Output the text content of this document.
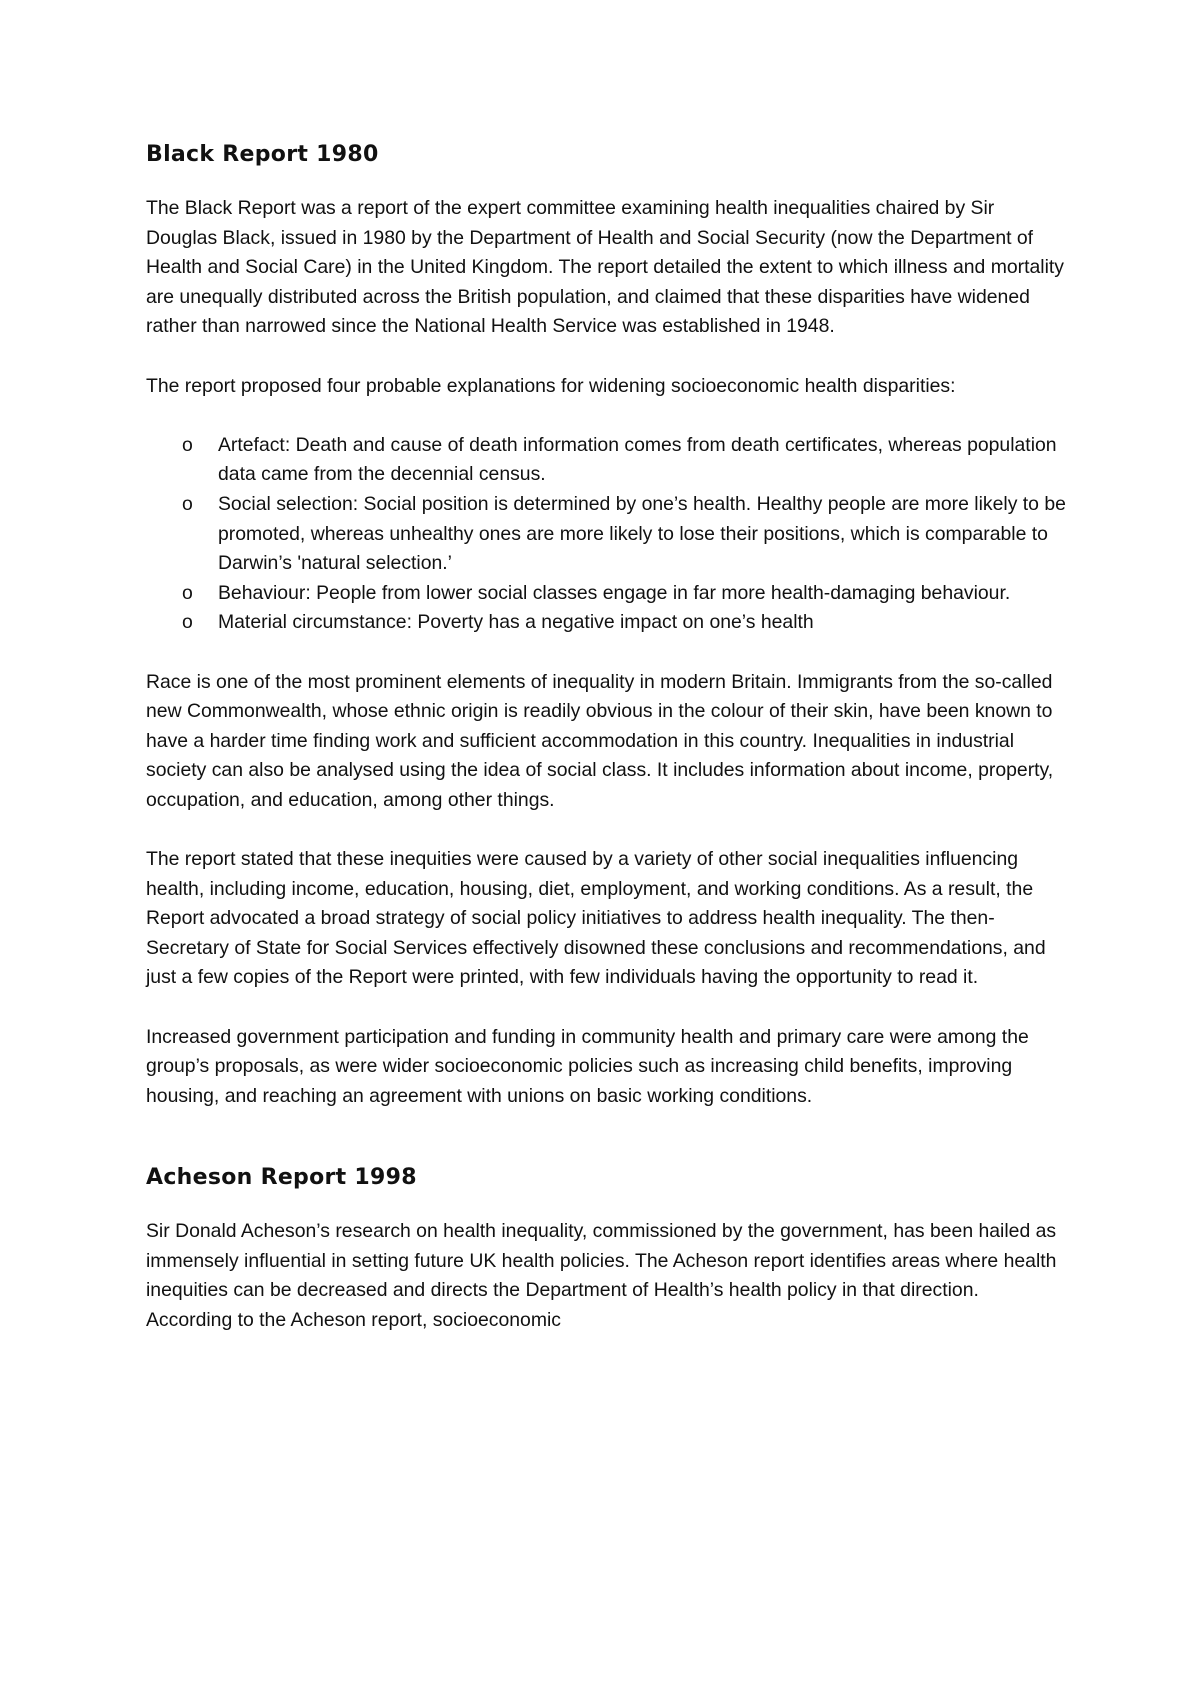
Black Report 1980

The Black Report was a report of the expert committee examining health inequalities chaired by Sir Douglas Black, issued in 1980 by the Department of Health and Social Security (now the Department of Health and Social Care) in the United Kingdom. The report detailed the extent to which illness and mortality are unequally distributed across the British population, and claimed that these disparities have widened rather than narrowed since the National Health Service was established in 1948.

The report proposed four probable explanations for widening socioeconomic health disparities:

o Artefact: Death and cause of death information comes from death certificates, whereas population data came from the decennial census.
o Social selection: Social position is determined by one’s health. Healthy people are more likely to be promoted, whereas unhealthy ones are more likely to lose their positions, which is comparable to Darwin’s 'natural selection.’
o Behaviour: People from lower social classes engage in far more health-damaging behaviour.
o Material circumstance: Poverty has a negative impact on one’s health

Race is one of the most prominent elements of inequality in modern Britain. Immigrants from the so-called new Commonwealth, whose ethnic origin is readily obvious in the colour of their skin, have been known to have a harder time finding work and sufficient accommodation in this country. Inequalities in industrial society can also be analysed using the idea of social class. It includes information about income, property, occupation, and education, among other things.

The report stated that these inequities were caused by a variety of other social inequalities influencing health, including income, education, housing, diet, employment, and working conditions. As a result, the Report advocated a broad strategy of social policy initiatives to address health inequality. The then-Secretary of State for Social Services effectively disowned these conclusions and recommendations, and just a few copies of the Report were printed, with few individuals having the opportunity to read it.

Increased government participation and funding in community health and primary care were among the group’s proposals, as were wider socioeconomic policies such as increasing child benefits, improving housing, and reaching an agreement with unions on basic working conditions.

Acheson Report 1998

Sir Donald Acheson’s research on health inequality, commissioned by the government, has been hailed as immensely influential in setting future UK health policies. The Acheson report identifies areas where health inequities can be decreased and directs the Department of Health’s health policy in that direction. According to the Acheson report, socioeconomic
